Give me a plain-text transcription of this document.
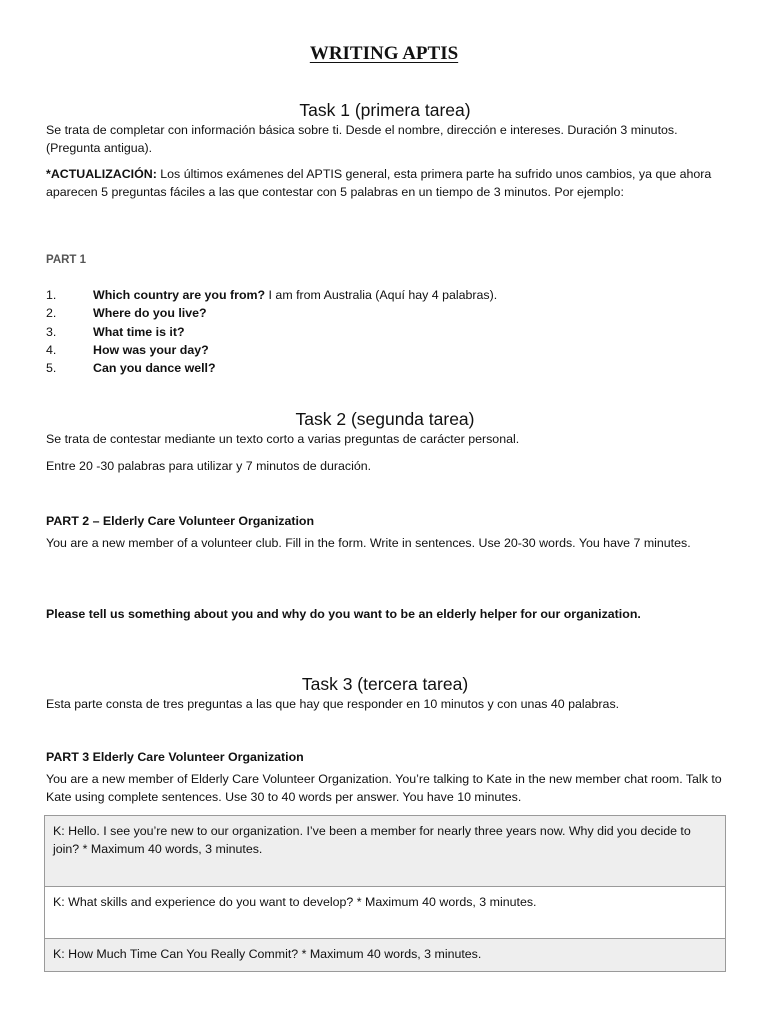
WRITING APTIS
Task 1 (primera tarea)

Se trata de completar con información básica sobre ti. Desde el nombre, dirección e intereses. Duración 3 minutos. (Pregunta antigua).

*ACTUALIZACIÓN: Los últimos exámenes del APTIS general, esta primera parte ha sufrido unos cambios, ya que ahora aparecen 5 preguntas fáciles a las que contestar con 5 palabras en un tiempo de 3 minutos. Por ejemplo:

PART 1

1.	Which country are you from? I am from Australia (Aquí hay 4 palabras).
2.	Where do you live?
3.	What time is it?
4.	How was your day?
5.	Can you dance well?
Task 2 (segunda tarea)

Se trata de contestar mediante un texto corto a varias preguntas de carácter personal.

Entre 20 -30 palabras para utilizar y 7 minutos de duración.

PART 2 – Elderly Care Volunteer Organization

You are a new member of a volunteer club. Fill in the form. Write in sentences. Use 20-30 words. You have 7 minutes.

Please tell us something about you and why do you want to be an elderly helper for our organization.

Task 3 (tercera tarea)

Esta parte consta de tres preguntas a las que hay que responder en 10 minutos y con unas 40 palabras.

PART 3 Elderly Care Volunteer Organization

You are a new member of Elderly Care Volunteer Organization. You’re talking to Kate in the new member chat room. Talk to Kate using complete sentences. Use 30 to 40 words per answer. You have 10 minutes.

K: Hello. I see you’re new to our organization. I’ve been a member for nearly three years now. Why did you decide to join? * Maximum 40 words, 3 minutes.
K: What skills and experience do you want to develop? * Maximum 40 words, 3 minutes.
K: How Much Time Can You Really Commit? * Maximum 40 words, 3 minutes.
